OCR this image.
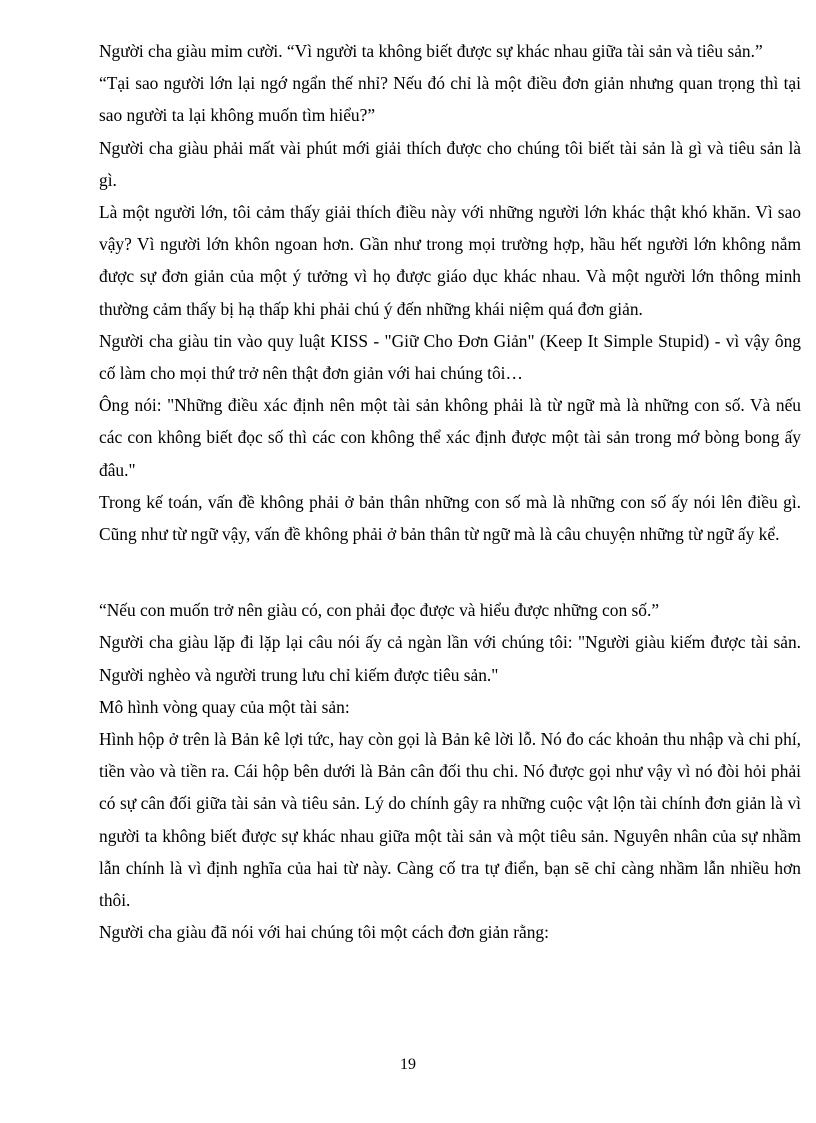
Người cha giàu mỉm cười. “Vì người ta không biết được sự khác nhau giữa tài sản và tiêu sản.”

“Tại sao người lớn lại ngớ ngẩn thế nhỉ? Nếu đó chỉ là một điều đơn giản nhưng quan trọng thì tại sao người ta lại không muốn tìm hiểu?”

Người cha giàu phải mất vài phút mới giải thích được cho chúng tôi biết tài sản là gì và tiêu sản là gì.

Là một người lớn, tôi cảm thấy giải thích điều này với những người lớn khác thật khó khăn. Vì sao vậy? Vì người lớn khôn ngoan hơn. Gần như trong mọi trường hợp, hầu hết người lớn không nắm được sự đơn giản của một ý tưởng vì họ được giáo dục khác nhau. Và một người lớn thông minh thường cảm thấy bị hạ thấp khi phải chú ý đến những khái niệm quá đơn giản.

Người cha giàu tin vào quy luật KISS - "Giữ Cho Đơn Giản" (Keep It Simple Stupid) - vì vậy ông cố làm cho mọi thứ trở nên thật đơn giản với hai chúng tôi…

Ông nói: "Những điều xác định nên một tài sản không phải là từ ngữ mà là những con số. Và nếu các con không biết đọc số thì các con không thể xác định được một tài sản trong mớ bòng bong ấy đâu."

Trong kế toán, vấn đề không phải ở bản thân những con số mà là những con số ấy nói lên điều gì. Cũng như từ ngữ vậy, vấn đề không phải ở bản thân từ ngữ mà là câu chuyện những từ ngữ ấy kể.

“Nếu con muốn trở nên giàu có, con phải đọc được và hiểu được những con số.”

Người cha giàu lặp đi lặp lại câu nói ấy cả ngàn lần với chúng tôi: "Người giàu kiếm được tài sản. Người nghèo và người trung lưu chỉ kiếm được tiêu sản."

Mô hình vòng quay của một tài sản:

Hình hộp ở trên là Bản kê lợi tức, hay còn gọi là Bản kê lời lỗ. Nó đo các khoản thu nhập và chi phí, tiền vào và tiền ra. Cái hộp bên dưới là Bản cân đối thu chi. Nó được gọi như vậy vì nó đòi hỏi phải có sự cân đối giữa tài sản và tiêu sản. Lý do chính gây ra những cuộc vật lộn tài chính đơn giản là vì người ta không biết được sự khác nhau giữa một tài sản và một tiêu sản. Nguyên nhân của sự nhầm lẫn chính là vì định nghĩa của hai từ này. Càng cố tra tự điển, bạn sẽ chỉ càng nhầm lẫn nhiều hơn thôi.

Người cha giàu đã nói với hai chúng tôi một cách đơn giản rằng:

19
